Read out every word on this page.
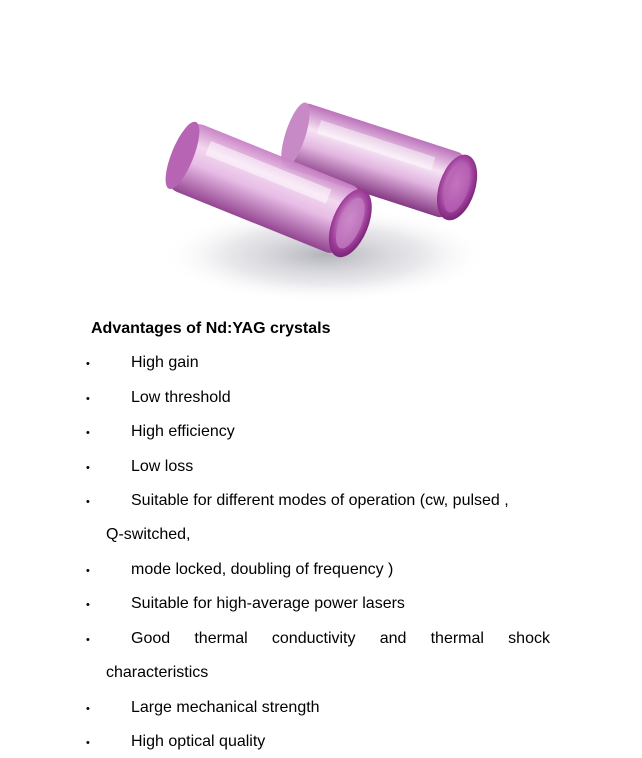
Advantages of Nd:YAG crystals
•
High gain
•
Low threshold
•
High efficiency
•
Low loss
•
Suitable for different modes of operation (cw, pulsed ,
Q-switched,
•
mode locked, doubling of frequency )
•
Suitable for high-average power lasers
•
Good thermal conductivity and thermal shock
characteristics
•
Large mechanical strength
•
High optical quality
